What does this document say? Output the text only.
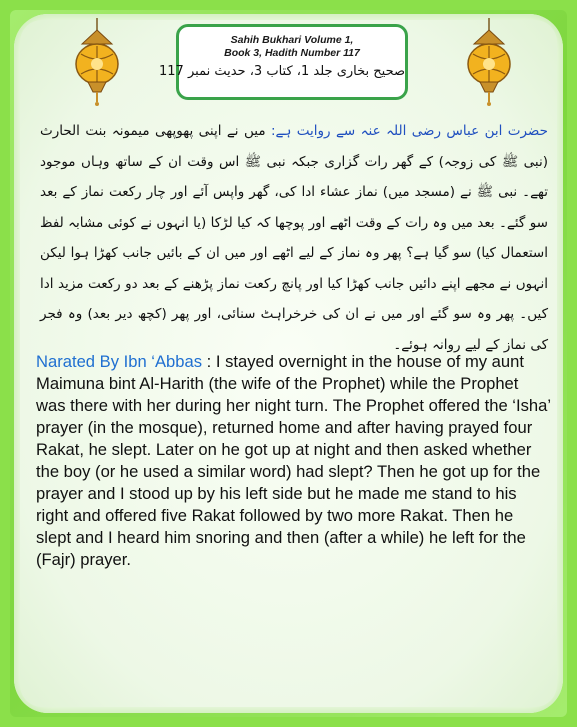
Sahih Bukhari Volume 1,
Book 3, Hadith Number 117
صحیح بخاری جلد 1، کتاب 3، حدیث نمبر 117
حضرت ابن عباس رضی اللہ عنہ سے روایت ہے: میں نے اپنی پھوپھی میمونہ بنت الحارث (نبی ﷺ کی زوجہ) کے گھر رات گزاری جبکہ نبی ﷺ اس وقت ان کے ساتھ وہاں موجود تھے۔ نبی ﷺ نے (مسجد میں) نماز عشاء ادا کی، گھر واپس آئے اور چار رکعت نماز کے بعد سو گئے۔ بعد میں وہ رات کے وقت اٹھے اور پوچھا کہ کیا لڑکا (یا انہوں نے کوئی مشابہ لفظ استعمال کیا) سو گیا ہے؟ پھر وہ نماز کے لیے اٹھے اور میں ان کے بائیں جانب کھڑا ہوا لیکن انہوں نے مجھے اپنے دائیں جانب کھڑا کیا اور پانچ رکعت نماز پڑھنے کے بعد دو رکعت مزید ادا کیں۔ پھر وہ سو گئے اور میں نے ان کی خرخراہٹ سنائی، اور پھر (کچھ دیر بعد) وہ فجر کی نماز کے لیے روانہ ہوئے۔
Narated By Ibn ‘Abbas : I stayed overnight in the house of my aunt Maimuna bint Al-Harith (the wife of the Prophet) while the Prophet was there with her during her night turn. The Prophet offered the ‘Isha’ prayer (in the mosque), returned home and after having prayed four Rakat, he slept. Later on he got up at night and then asked whether the boy (or he used a similar word) had slept? Then he got up for the prayer and I stood up by his left side but he made me stand to his right and offered five Rakat followed by two more Rakat. Then he slept and I heard him snoring and then (after a while) he left for the (Fajr) prayer.
